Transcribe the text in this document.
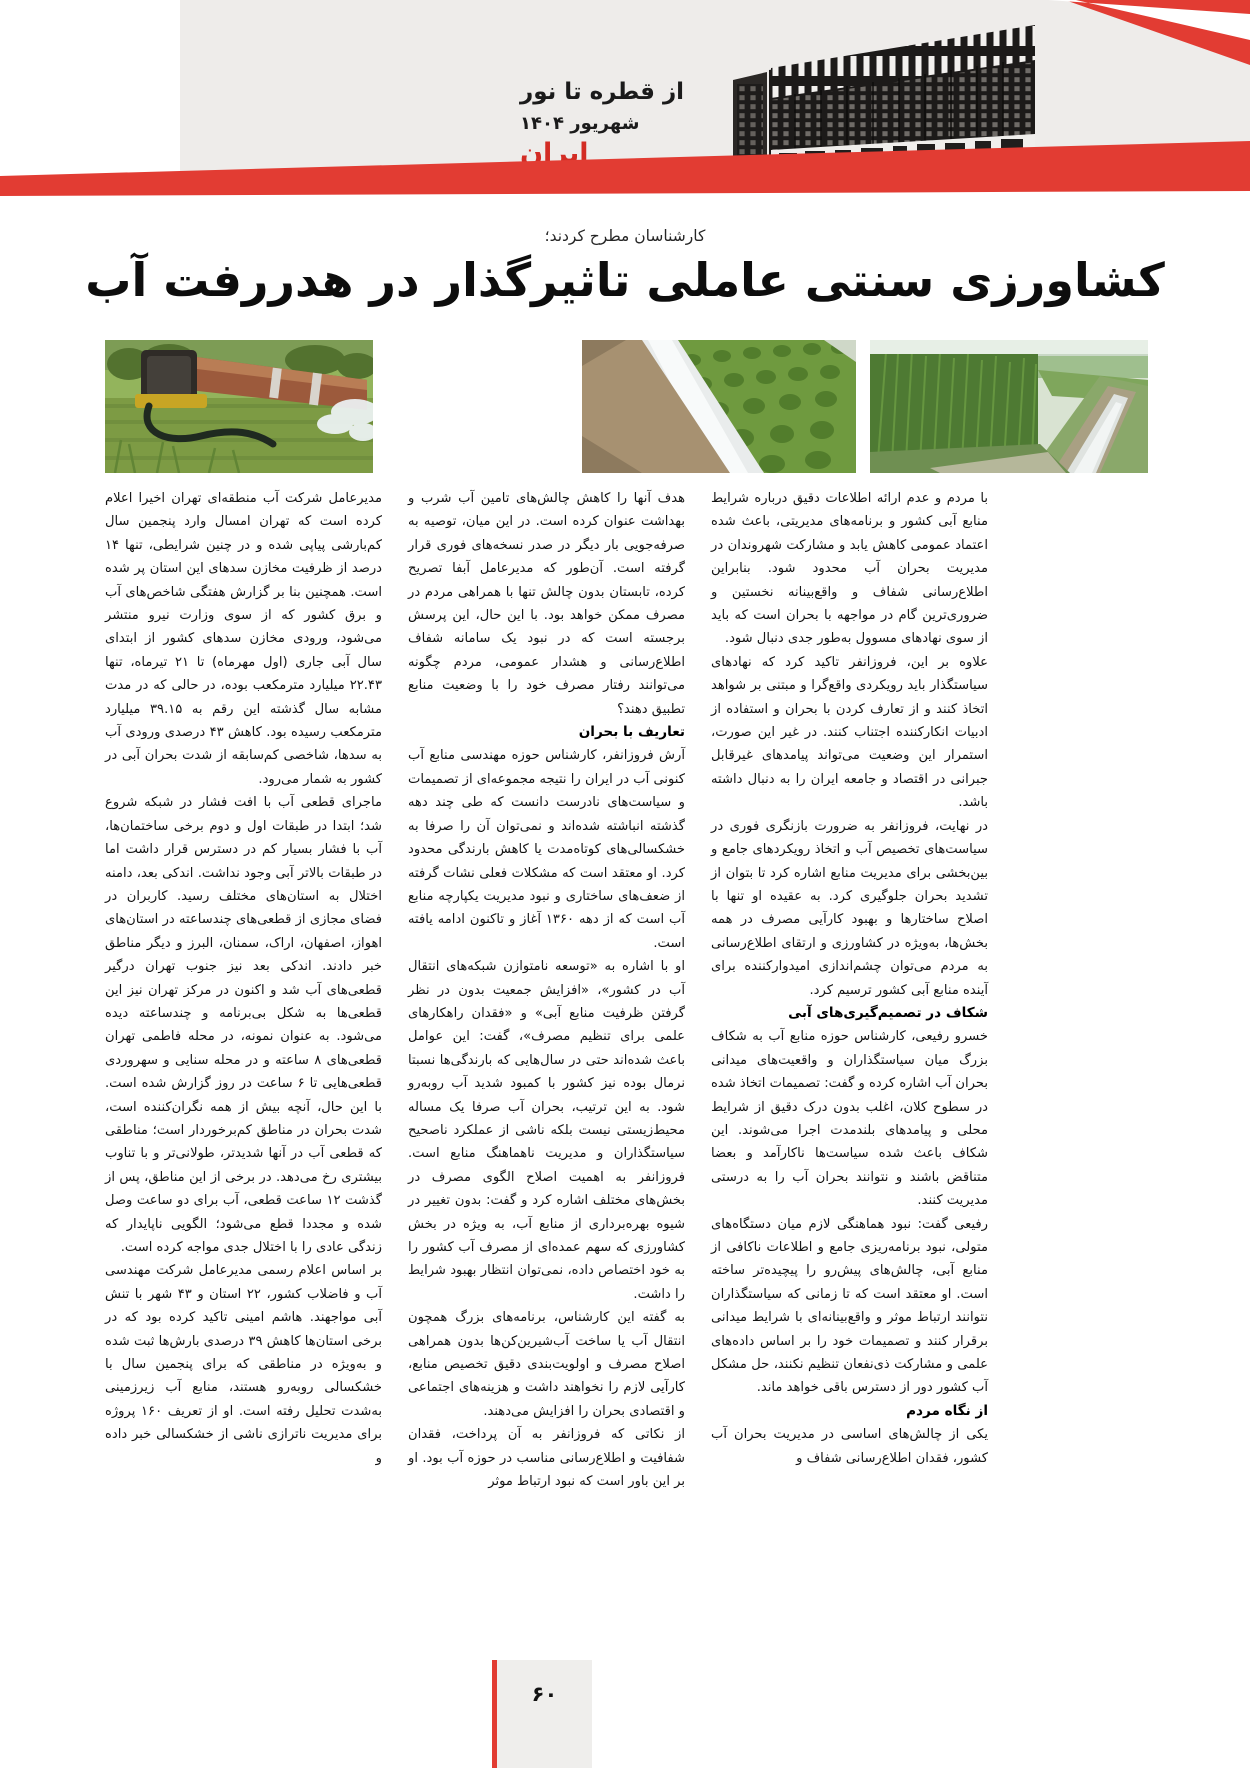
از قطره تا نور
شهریور ۱۴۰۴
ایران
کارشناسان مطرح کردند؛
کشاورزی سنتی عاملی تاثیرگذار در هدررفت آب

مدیرعامل شرکت آب منطقه‌ای تهران اخیرا اعلام کرده است که تهران امسال وارد پنجمین سال کم‌بارشی پیاپی شده و در چنین شرایطی، تنها ۱۴ درصد از ظرفیت مخازن سدهای این استان پر شده است. همچنین بنا بر گزارش هفتگی شاخص‌های آب و برق کشور که از سوی وزارت نیرو منتشر می‌شود، ورودی مخازن سدهای کشور از ابتدای سال آبی جاری (اول مهرماه) تا ۲۱ تیرماه، تنها ۲۲.۴۳ میلیارد مترمکعب بوده، در حالی که در مدت مشابه سال گذشته این رقم به ۳۹.۱۵ میلیارد مترمکعب رسیده بود. کاهش ۴۳ درصدی ورودی آب به سدها، شاخصی کم‌سابقه از شدت بحران آبی در کشور به شمار می‌رود.

ماجرای قطعی آب با افت فشار در شبکه شروع شد؛ ابتدا در طبقات اول و دوم برخی ساختمان‌ها، آب با فشار بسیار کم در دسترس قرار داشت اما در طبقات بالاتر آبی وجود نداشت. اندکی بعد، دامنه اختلال به استان‌های مختلف رسید. کاربران در فضای مجازی از قطعی‌های چندساعته در استان‌های اهواز، اصفهان، اراک، سمنان، البرز و دیگر مناطق خبر دادند. اندکی بعد نیز جنوب تهران درگیر قطعی‌های آب شد و اکنون در مرکز تهران نیز این قطعی‌ها به شکل بی‌برنامه و چندساعته دیده می‌شود. به عنوان نمونه، در محله فاطمی تهران قطعی‌های ۸ ساعته و در محله سنایی و سهروردی قطعی‌هایی تا ۶ ساعت در روز گزارش شده است. با این حال، آنچه بیش از همه نگران‌کننده است، شدت بحران در مناطق کم‌برخوردار است؛ مناطقی که قطعی آب در آنها شدیدتر، طولانی‌تر و با تناوب بیشتری رخ می‌دهد. در برخی از این مناطق، پس از گذشت ۱۲ ساعت قطعی، آب برای دو ساعت وصل شده و مجددا قطع می‌شود؛ الگویی ناپایدار که زندگی عادی را با اختلال جدی مواجه کرده است.

بر اساس اعلام رسمی مدیرعامل شرکت مهندسی آب و فاضلاب کشور، ۲۲ استان و ۴۳ شهر با تنش آبی مواجهند. هاشم امینی تاکید کرده بود که در برخی استان‌ها کاهش ۳۹ درصدی بارش‌ها ثبت شده و به‌ویژه در مناطقی که برای پنجمین سال با خشکسالی روبه‌رو هستند، منابع آب زیرزمینی به‌شدت تحلیل رفته است. او از تعریف ۱۶۰ پروژه برای مدیریت ناترازی ناشی از خشکسالی خبر داده و

هدف آنها را کاهش چالش‌های تامین آب شرب و بهداشت عنوان کرده است. در این میان، توصیه به صرفه‌جویی بار دیگر در صدر نسخه‌های فوری قرار گرفته است. آن‌طور که مدیرعامل آبفا تصریح کرده، تابستان بدون چالش تنها با همراهی مردم در مصرف ممکن خواهد بود. با این حال، این پرسش برجسته است که در نبود یک سامانه شفاف اطلاع‌رسانی و هشدار عمومی، مردم چگونه می‌توانند رفتار مصرف خود را با وضعیت منابع تطبیق دهند؟

تعاریف با بحران

آرش فروزانفر، کارشناس حوزه مهندسی منابع آب کنونی آب در ایران را نتیجه مجموعه‌ای از تصمیمات و سیاست‌های نادرست دانست که طی چند دهه گذشته انباشته شده‌اند و نمی‌توان آن را صرفا به خشکسالی‌های کوتاه‌مدت یا کاهش بارندگی محدود کرد. او معتقد است که مشکلات فعلی نشات گرفته از ضعف‌های ساختاری و نبود مدیریت یکپارچه منابع آب است که از دهه ۱۳۶۰ آغاز و تاکنون ادامه یافته است.

او با اشاره به «توسعه نامتوازن شبکه‌های انتقال آب در کشور»، «افزایش جمعیت بدون در نظر گرفتن ظرفیت منابع آبی» و «فقدان راهکارهای علمی برای تنظیم مصرف»، گفت: این عوامل باعث شده‌اند حتی در سال‌هایی که بارندگی‌ها نسبتا نرمال بوده نیز کشور با کمبود شدید آب روبه‌رو شود. به این ترتیب، بحران آب صرفا یک مساله محیط‌زیستی نیست بلکه ناشی از عملکرد ناصحیح سیاستگذاران و مدیریت ناهماهنگ منابع است. فروزانفر به اهمیت اصلاح الگوی مصرف در بخش‌های مختلف اشاره کرد و گفت: بدون تغییر در شیوه بهره‌برداری از منابع آب، به ویژه در بخش کشاورزی که سهم عمده‌ای از مصرف آب کشور را به خود اختصاص داده، نمی‌توان انتظار بهبود شرایط را داشت.

به گفته این کارشناس، برنامه‌های بزرگ همچون انتقال آب یا ساخت آب‌شیرین‌کن‌ها بدون همراهی اصلاح مصرف و اولویت‌بندی دقیق تخصیص منابع، کارآیی لازم را نخواهند داشت و هزینه‌های اجتماعی و اقتصادی بحران را افزایش می‌دهند.

از نکاتی که فروزانفر به آن پرداخت، فقدان شفافیت و اطلاع‌رسانی مناسب در حوزه آب بود. او بر این باور است که نبود ارتباط موثر

با مردم و عدم ارائه اطلاعات دقیق درباره شرایط منابع آبی کشور و برنامه‌های مدیریتی، باعث شده اعتماد عمومی کاهش یابد و مشارکت شهروندان در مدیریت بحران آب محدود شود. بنابراین اطلاع‌رسانی شفاف و واقع‌بینانه نخستین و ضروری‌ترین گام در مواجهه با بحران است که باید از سوی نهادهای مسوول به‌طور جدی دنبال شود.

علاوه بر این، فروزانفر تاکید کرد که نهادهای سیاستگذار باید رویکردی واقع‌گرا و مبتنی بر شواهد اتخاذ کنند و از تعارف کردن با بحران و استفاده از ادبیات انکارکننده اجتناب کنند. در غیر این صورت، استمرار این وضعیت می‌تواند پیامدهای غیرقابل جبرانی در اقتصاد و جامعه ایران را به دنبال داشته باشد.

در نهایت، فروزانفر به ضرورت بازنگری فوری در سیاست‌های تخصیص آب و اتخاذ رویکردهای جامع و بین‌بخشی برای مدیریت منابع اشاره کرد تا بتوان از تشدید بحران جلوگیری کرد. به عقیده او تنها با اصلاح ساختارها و بهبود کارآیی مصرف در همه بخش‌ها، به‌ویژه در کشاورزی و ارتقای اطلاع‌رسانی به مردم می‌توان چشم‌اندازی امیدوارکننده برای آینده منابع آبی کشور ترسیم کرد.

شکاف در تصمیم‌گیری‌های آبی

خسرو رفیعی، کارشناس حوزه منابع آب به شکاف بزرگ میان سیاستگذاران و واقعیت‌های میدانی بحران آب اشاره کرده و گفت: تصمیمات اتخاذ شده در سطوح کلان، اغلب بدون درک دقیق از شرایط محلی و پیامدهای بلندمدت اجرا می‌شوند. این شکاف باعث شده سیاست‌ها ناکارآمد و بعضا متناقض باشند و نتوانند بحران آب را به درستی مدیریت کنند.

رفیعی گفت: نبود هماهنگی لازم میان دستگاه‌های متولی، نبود برنامه‌ریزی جامع و اطلاعات ناکافی از منابع آبی، چالش‌های پیش‌رو را پیچیده‌تر ساخته است. او معتقد است که تا زمانی که سیاستگذاران نتوانند ارتباط موثر و واقع‌بینانه‌ای با شرایط میدانی برقرار کنند و تصمیمات خود را بر اساس داده‌های علمی و مشارکت ذی‌نفعان تنظیم نکنند، حل مشکل آب کشور دور از دسترس باقی خواهد ماند.

از نگاه مردم

یکی از چالش‌های اساسی در مدیریت بحران آب کشور، فقدان اطلاع‌رسانی شفاف و

۶۰
